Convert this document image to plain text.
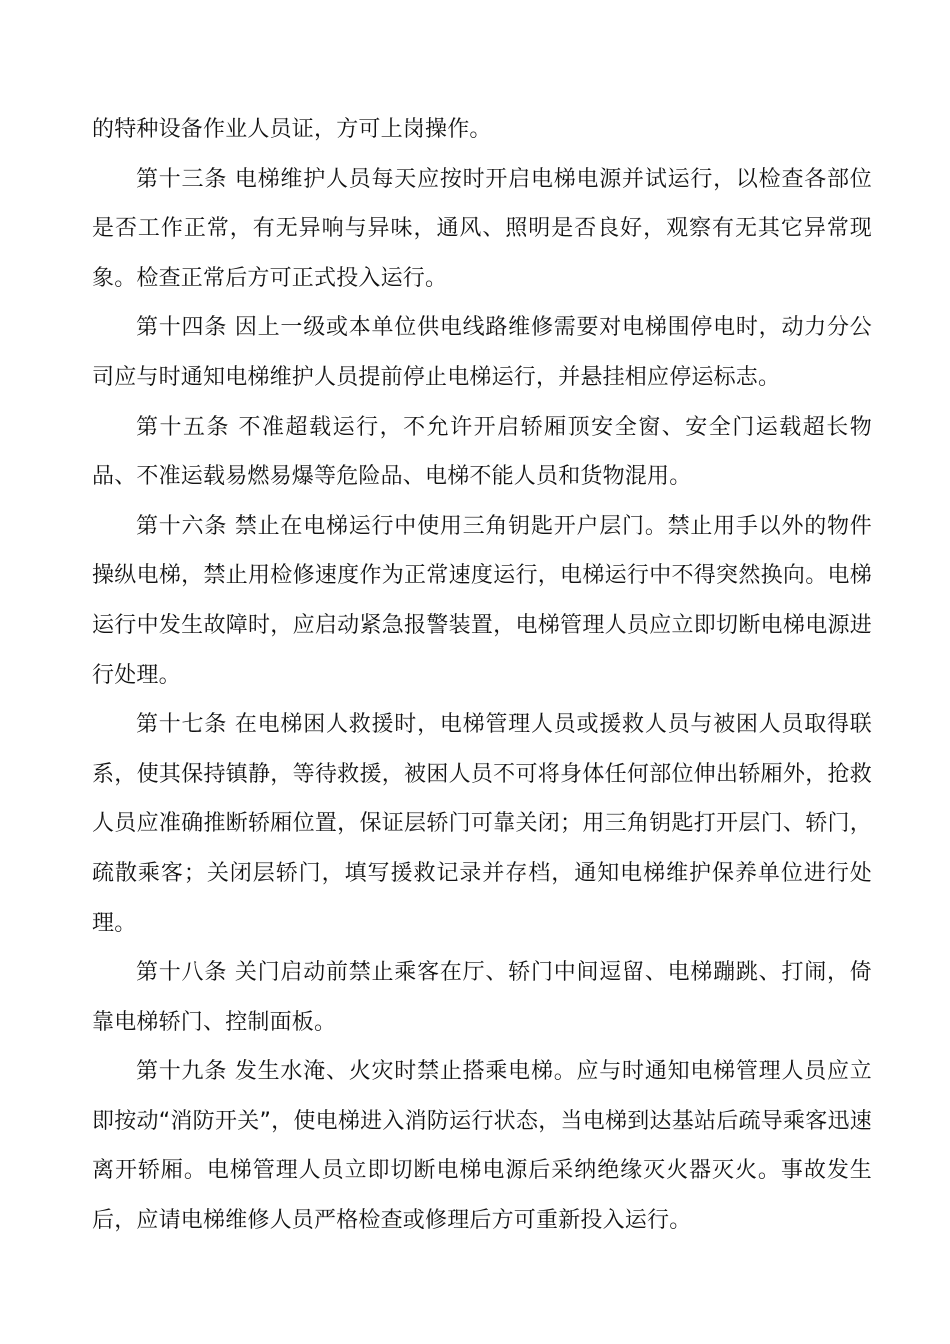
的特种设备作业人员证，方可上岗操作。

第十三条 电梯维护人员每天应按时开启电梯电源并试运行，以检查各部位是否工作正常，有无异响与异味，通风、照明是否良好，观察有无其它异常现象。检查正常后方可正式投入运行。

第十四条 因上一级或本单位供电线路维修需要对电梯围停电时，动力分公司应与时通知电梯维护人员提前停止电梯运行，并悬挂相应停运标志。

第十五条 不准超载运行，不允许开启轿厢顶安全窗、安全门运载超长物品、不准运载易燃易爆等危险品、电梯不能人员和货物混用。

第十六条 禁止在电梯运行中使用三角钥匙开户层门。禁止用手以外的物件操纵电梯，禁止用检修速度作为正常速度运行，电梯运行中不得突然换向。电梯运行中发生故障时，应启动紧急报警装置，电梯管理人员应立即切断电梯电源进行处理。

第十七条 在电梯困人救援时，电梯管理人员或援救人员与被困人员取得联系，使其保持镇静，等待救援，被困人员不可将身体任何部位伸出轿厢外，抢救人员应准确推断轿厢位置，保证层轿门可靠关闭；用三角钥匙打开层门、轿门，疏散乘客；关闭层轿门，填写援救记录并存档，通知电梯维护保养单位进行处理。

第十八条 关门启动前禁止乘客在厅、轿门中间逗留、电梯蹦跳、打闹，倚靠电梯轿门、控制面板。

第十九条 发生水淹、火灾时禁止搭乘电梯。应与时通知电梯管理人员应立即按动“消防开关”，使电梯进入消防运行状态，当电梯到达基站后疏导乘客迅速离开轿厢。电梯管理人员立即切断电梯电源后采纳绝缘灭火器灭火。事故发生后，应请电梯维修人员严格检查或修理后方可重新投入运行。
